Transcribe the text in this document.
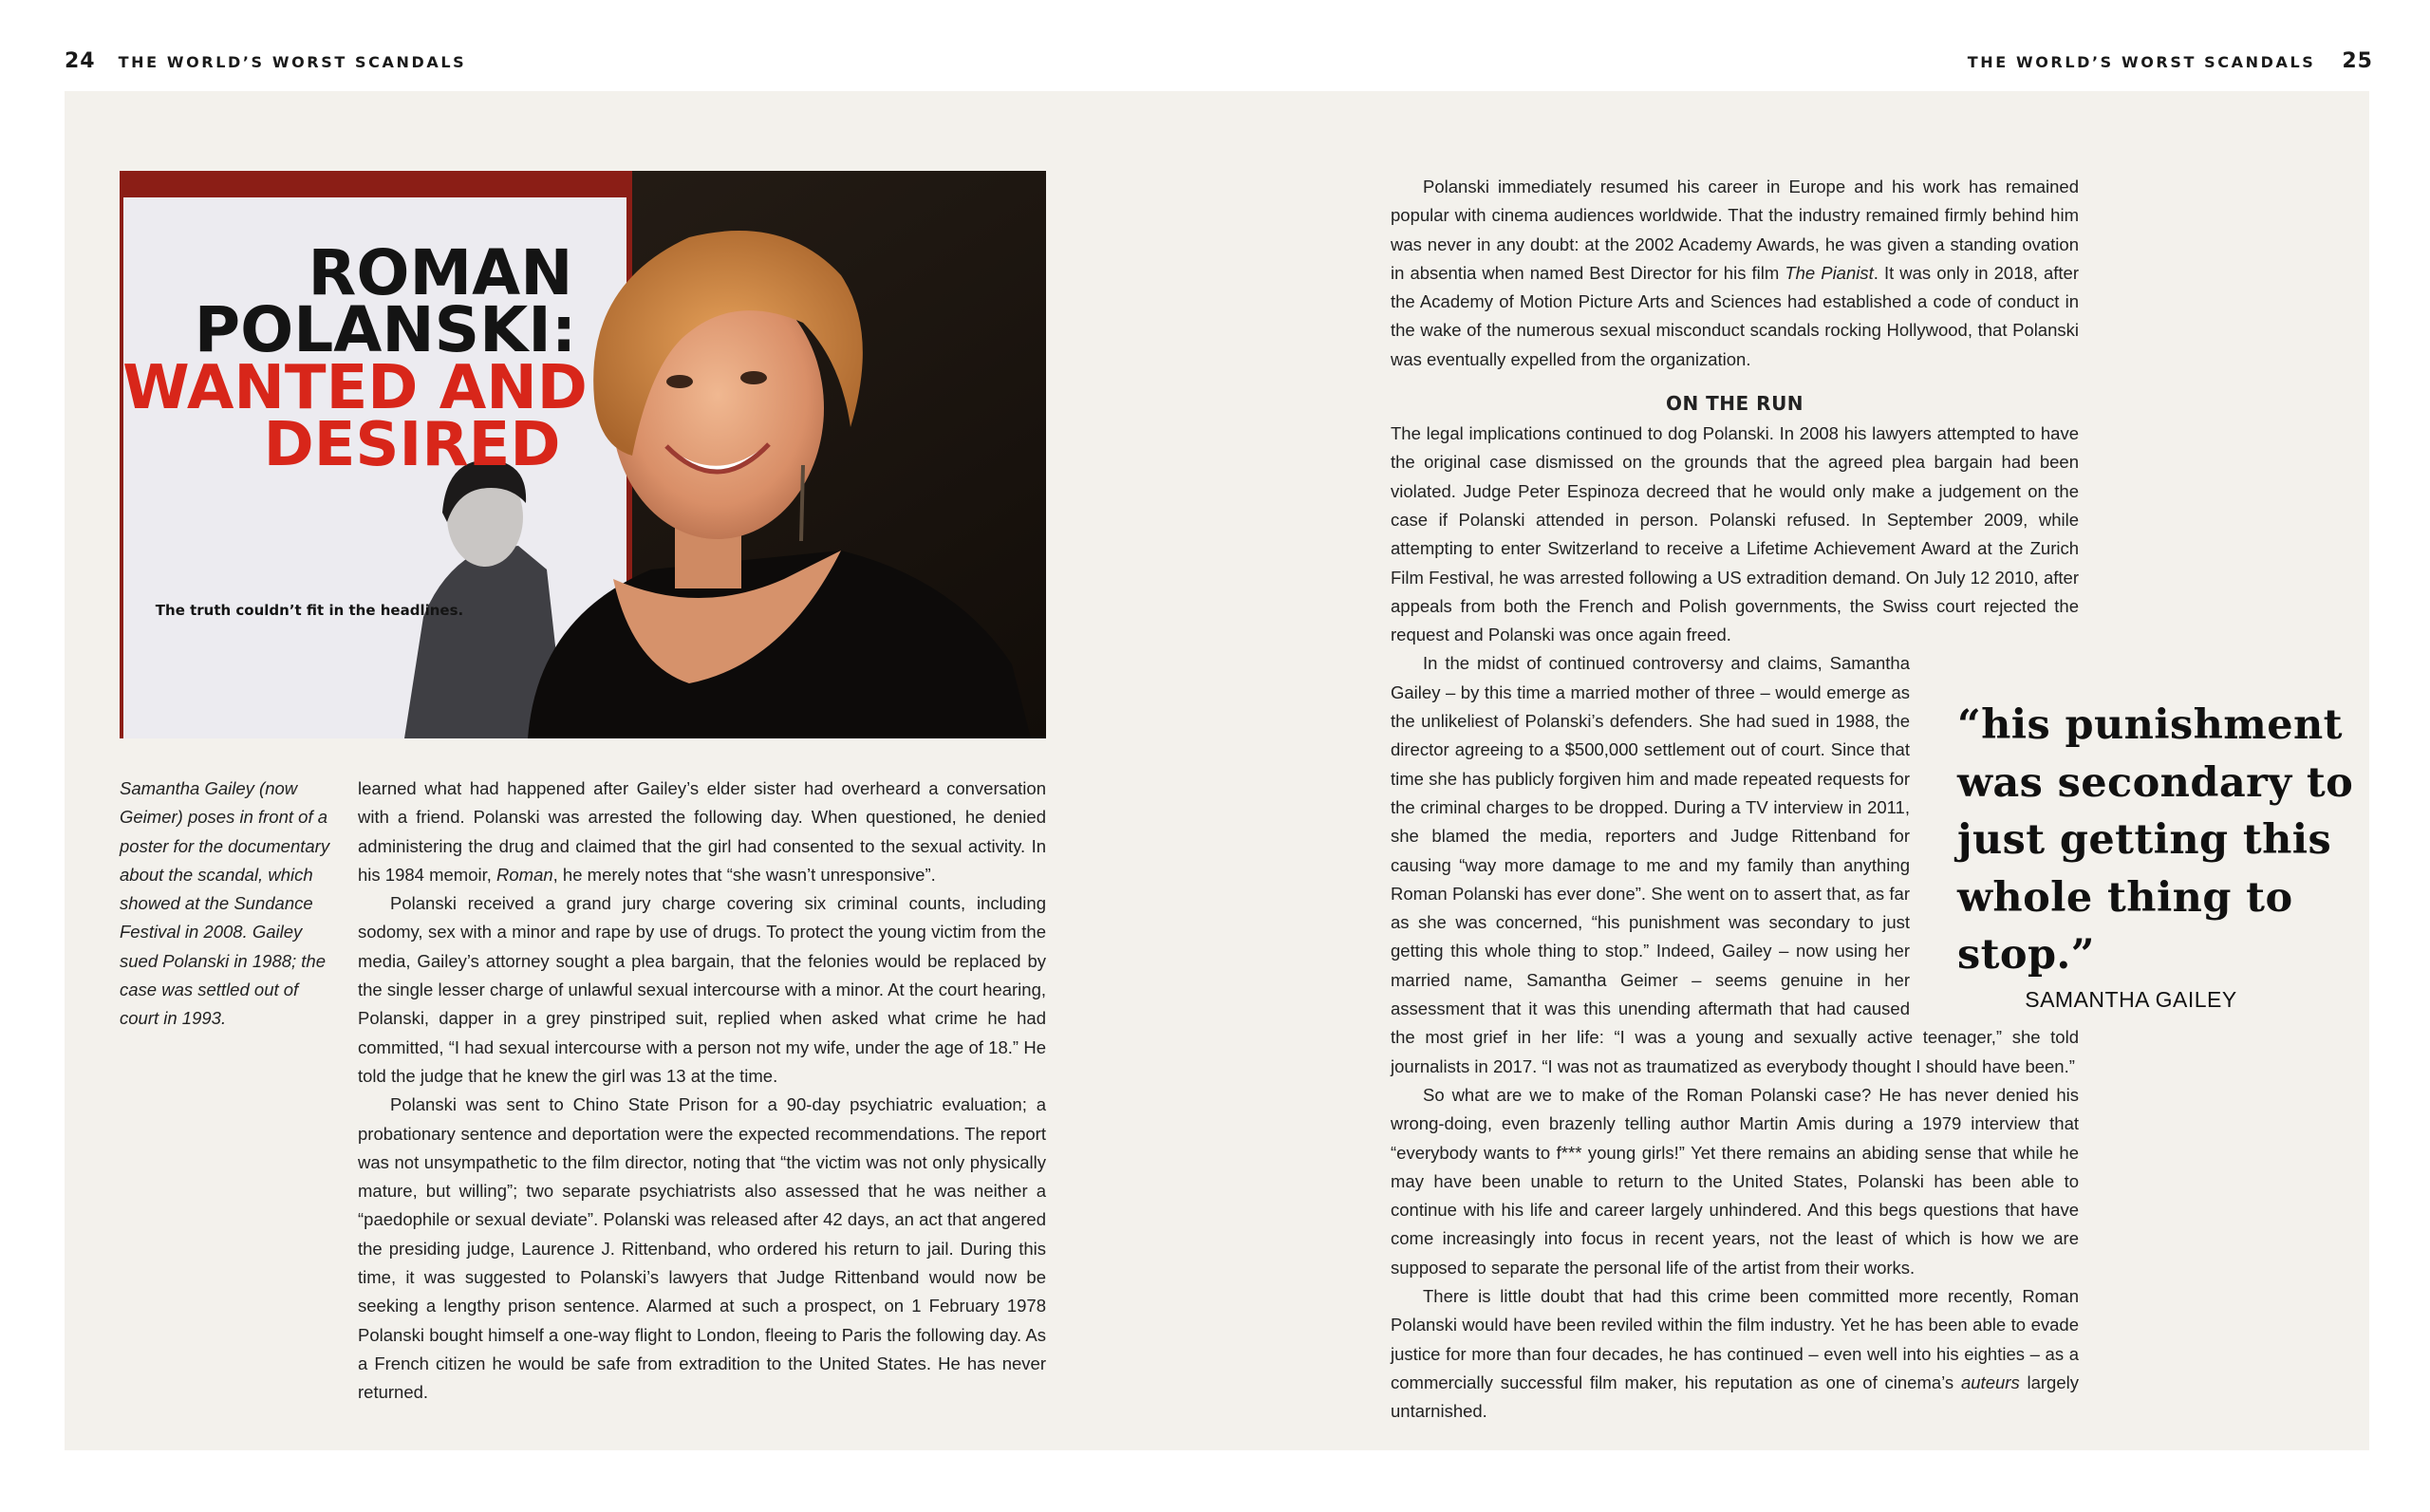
24 THE WORLD’S WORST SCANDALS	THE WORLD’S WORST SCANDALS 25
ROMAN
POLANSKI:
WANTED AND
DESIRED
The truth couldn’t fit in the headlines.
Samantha Gailey (now Geimer) poses in front of a poster for the documentary about the scandal, which showed at the Sundance Festival in 2008. Gailey sued Polanski in 1988; the case was settled out of court in 1993.

learned what had happened after Gailey’s elder sister had overheard a conversation with a friend. Polanski was arrested the following day. When questioned, he denied administering the drug and claimed that the girl had consented to the sexual activity. In his 1984 memoir, Roman, he merely notes that “she wasn’t unresponsive”.

Polanski received a grand jury charge covering six criminal counts, including sodomy, sex with a minor and rape by use of drugs. To protect the young victim from the media, Gailey’s attorney sought a plea bargain, that the felonies would be replaced by the single lesser charge of unlawful sexual intercourse with a minor. At the court hearing, Polanski, dapper in a grey pinstriped suit, replied when asked what crime he had committed, “I had sexual intercourse with a person not my wife, under the age of 18.” He told the judge that he knew the girl was 13 at the time.

Polanski was sent to Chino State Prison for a 90-day psychiatric evaluation; a probationary sentence and deportation were the expected recommendations. The report was not unsympathetic to the film director, noting that “the victim was not only physically mature, but willing”; two separate psychiatrists also assessed that he was neither a “paedophile or sexual deviate”. Polanski was released after 42 days, an act that angered the presiding judge, Laurence J. Rittenband, who ordered his return to jail. During this time, it was suggested to Polanski’s lawyers that Judge Rittenband would now be seeking a lengthy prison sentence. Alarmed at such a prospect, on 1 February 1978 Polanski bought himself a one-way flight to London, fleeing to Paris the following day. As a French citizen he would be safe from extradition to the United States. He has never returned.

Polanski immediately resumed his career in Europe and his work has remained popular with cinema audiences worldwide. That the industry remained firmly behind him was never in any doubt: at the 2002 Academy Awards, he was given a standing ovation in absentia when named Best Director for his film The Pianist. It was only in 2018, after the Academy of Motion Picture Arts and Sciences had established a code of conduct in the wake of the numerous sexual misconduct scandals rocking Hollywood, that Polanski was eventually expelled from the organization.

ON THE RUN

The legal implications continued to dog Polanski. In 2008 his lawyers attempted to have the original case dismissed on the grounds that the agreed plea bargain had been violated. Judge Peter Espinoza decreed that he would only make a judgement on the case if Polanski attended in person. Polanski refused. In September 2009, while attempting to enter Switzerland to receive a Lifetime Achievement Award at the Zurich Film Festival, he was arrested following a US extradition demand. On July 12 2010, after appeals from both the French and Polish governments, the Swiss court rejected the request and Polanski was once again freed.

In the midst of continued controversy and claims, Samantha Gailey – by this time a married mother of three – would emerge as the unlikeliest of Polanski’s defenders. She had sued in 1988, the director agreeing to a $500,000 settlement out of court. Since that time she has publicly forgiven him and made repeated requests for the criminal charges to be dropped. During a TV interview in 2011, she blamed the media, reporters and Judge Rittenband for causing “way more damage to me and my family than anything Roman Polanski has ever done”. She went on to assert that, as far as she was concerned, “his punishment was secondary to just getting this whole thing to stop.” Indeed, Gailey – now using her married name, Samantha Geimer – seems genuine in her assessment that it was this unending aftermath that had caused the most grief in her life: “I was a young and sexually active teenager,” she told journalists in 2017. “I was not as traumatized as everybody thought I should have been.”

So what are we to make of the Roman Polanski case? He has never denied his wrong-doing, even brazenly telling author Martin Amis during a 1979 interview that “everybody wants to f*** young girls!” Yet there remains an abiding sense that while he may have been unable to return to the United States, Polanski has been able to continue with his life and career largely unhindered. And this begs questions that have come increasingly into focus in recent years, not the least of which is how we are supposed to separate the personal life of the artist from their works.

There is little doubt that had this crime been committed more recently, Roman Polanski would have been reviled within the film industry. Yet he has been able to evade justice for more than four decades, he has continued – even well into his eighties – as a commercially successful film maker, his reputation as one of cinema’s auteurs largely untarnished.

“his punishment was secondary to just getting this whole thing to stop.”
SAMANTHA GAILEY
